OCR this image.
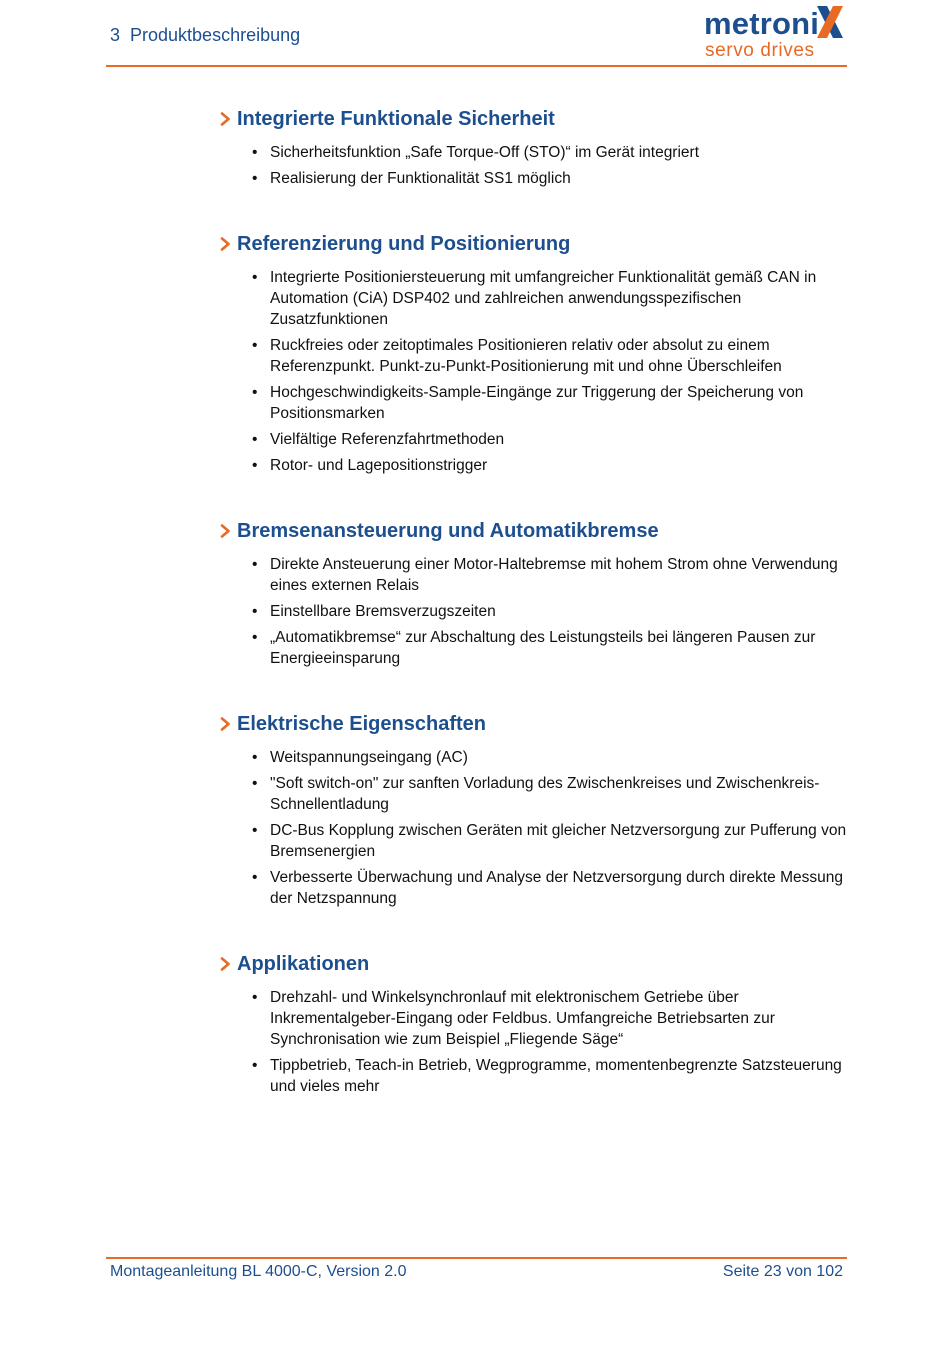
3 Produktbeschreibung	metroni
servo drives
Integrierte Funktionale Sicherheit
• Sicherheitsfunktion „Safe Torque-Off (STO)“ im Gerät integriert
• Realisierung der Funktionalität SS1 möglich
Referenzierung und Positionierung
• Integrierte Positioniersteuerung mit umfangreicher Funktionalität gemäß CAN in Automation (CiA) DSP402 und zahlreichen anwendungsspezifischen Zusatzfunktionen
• Ruckfreies oder zeitoptimales Positionieren relativ oder absolut zu einem Referenzpunkt. Punkt-zu-Punkt-Positionierung mit und ohne Überschleifen
• Hochgeschwindigkeits-Sample-Eingänge zur Triggerung der Speicherung von Positionsmarken
• Vielfältige Referenzfahrtmethoden
• Rotor- und Lagepositionstrigger
Bremsenansteuerung und Automatikbremse
• Direkte Ansteuerung einer Motor-Haltebremse mit hohem Strom ohne Verwendung eines externen Relais
• Einstellbare Bremsverzugszeiten
• „Automatikbremse“ zur Abschaltung des Leistungsteils bei längeren Pausen zur Energieeinsparung
Elektrische Eigenschaften
• Weitspannungseingang (AC)
• "Soft switch-on" zur sanften Vorladung des Zwischenkreises und Zwischenkreis-Schnellentladung
• DC-Bus Kopplung zwischen Geräten mit gleicher Netzversorgung zur Pufferung von Bremsenergien
• Verbesserte Überwachung und Analyse der Netzversorgung durch direkte Messung der Netzspannung
Applikationen
• Drehzahl- und Winkelsynchronlauf mit elektronischem Getriebe über Inkrementalgeber-Eingang oder Feldbus. Umfangreiche Betriebsarten zur Synchronisation wie zum Beispiel „Fliegende Säge“
• Tippbetrieb, Teach-in Betrieb, Wegprogramme, momentenbegrenzte Satzsteuerung und vieles mehr
Montageanleitung BL 4000-C, Version 2.0	Seite 23 von 102
